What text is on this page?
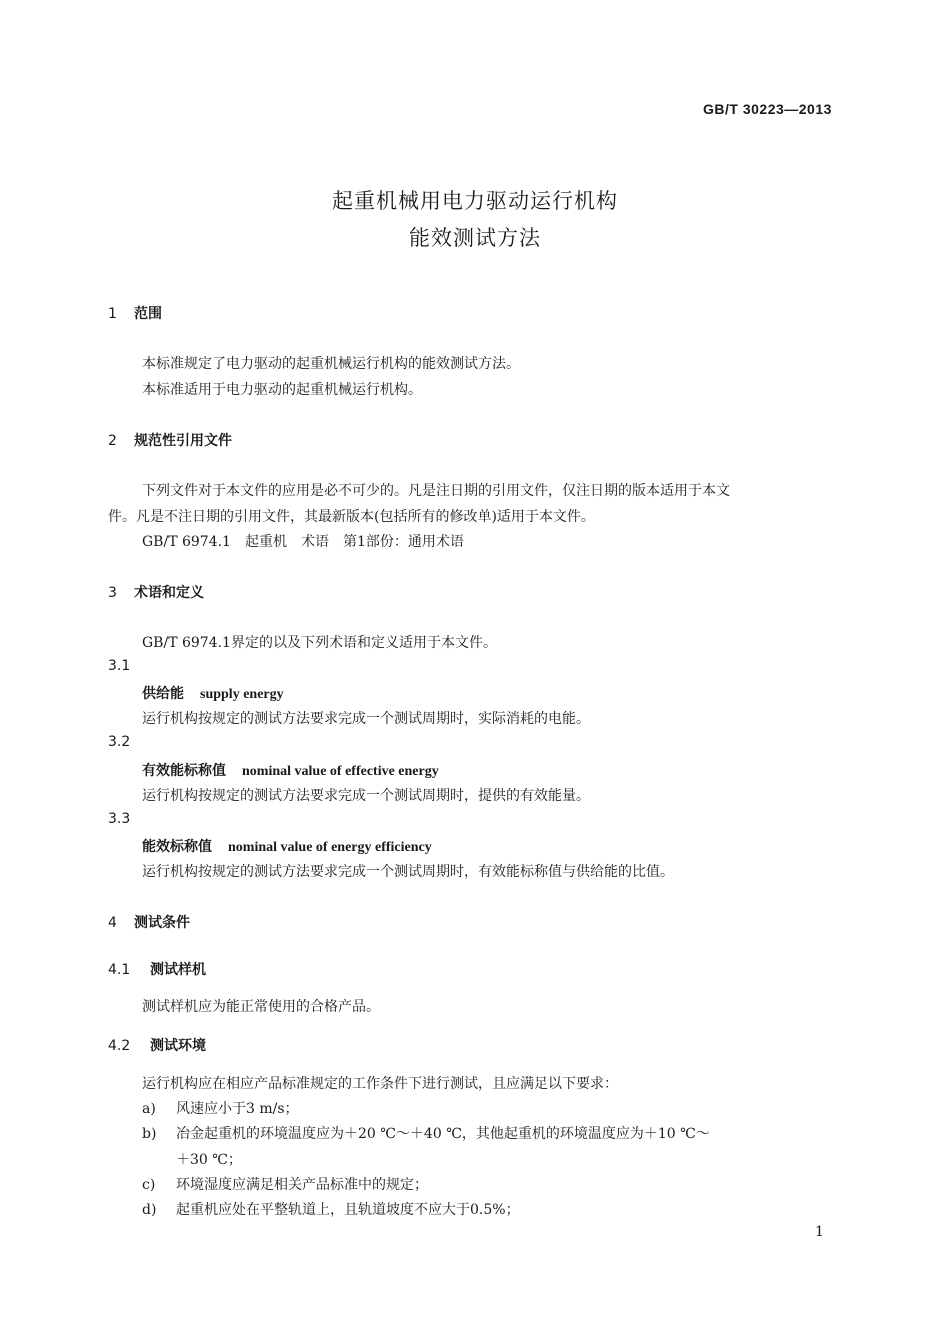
GB/T 30223—2013
起重机械用电力驱动运行机构
能效测试方法
1 范围
本标准规定了电力驱动的起重机械运行机构的能效测试方法。
本标准适用于电力驱动的起重机械运行机构。
2 规范性引用文件
下列文件对于本文件的应用是必不可少的。凡是注日期的引用文件，仅注日期的版本适用于本文
件。凡是不注日期的引用文件，其最新版本(包括所有的修改单)适用于本文件。
GB/T 6974.1　起重机　术语　第1部份：通用术语
3 术语和定义
GB/T 6974.1界定的以及下列术语和定义适用于本文件。
3.1
供给能 supply energy
运行机构按规定的测试方法要求完成一个测试周期时，实际消耗的电能。
3.2
有效能标称值 nominal value of effective energy
运行机构按规定的测试方法要求完成一个测试周期时，提供的有效能量。
3.3
能效标称值 nominal value of energy efficiency
运行机构按规定的测试方法要求完成一个测试周期时，有效能标称值与供给能的比值。
4 测试条件
4.1 测试样机
测试样机应为能正常使用的合格产品。
4.2 测试环境
运行机构应在相应产品标准规定的工作条件下进行测试，且应满足以下要求：
a) 风速应小于3 m/s；
b) 冶金起重机的环境温度应为＋20 ℃～＋40 ℃，其他起重机的环境温度应为＋10 ℃～
＋30 ℃；
c) 环境湿度应满足相关产品标准中的规定；
d) 起重机应处在平整轨道上，且轨道坡度不应大于0.5%；
1
